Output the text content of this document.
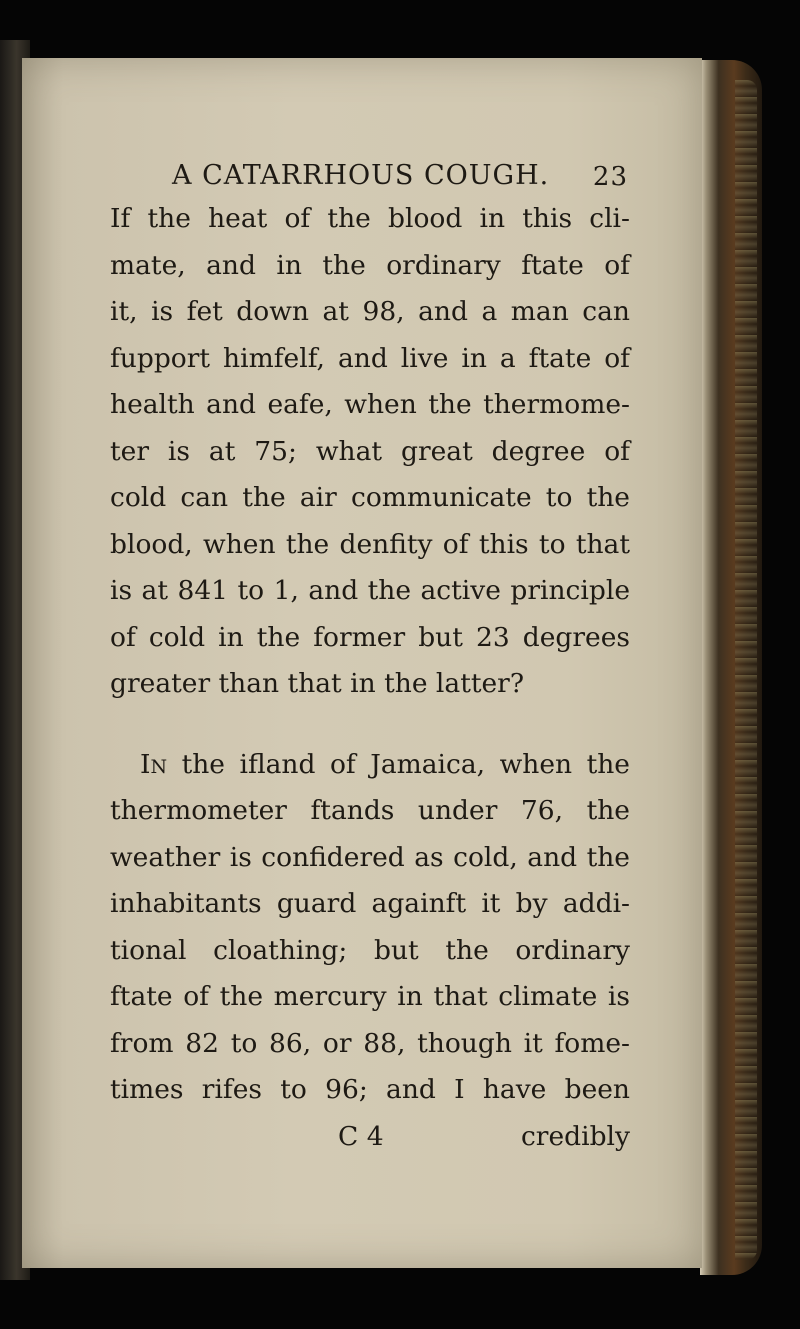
A CATARRHOUS COUGH. 23

If the heat of the blood in this cli-
mate, and in the ordinary ftate of
it, is fet down at 98, and a man can
fupport himfelf, and live in a ftate of
health and eafe, when the thermome-
ter is at 75; what great degree of
cold can the air communicate to the
blood, when the denfity of this to that
is at 841 to 1, and the active principle
of cold in the former but 23 degrees
greater than that in the latter?

In the ifland of Jamaica, when the
thermometer ftands under 76, the
weather is confidered as cold, and the
inhabitants guard againft it by addi-
tional cloathing; but the ordinary
ftate of the mercury in that climate is
from 82 to 86, or 88, though it fome-
times rifes to 96; and I have been

C 4	credibly
